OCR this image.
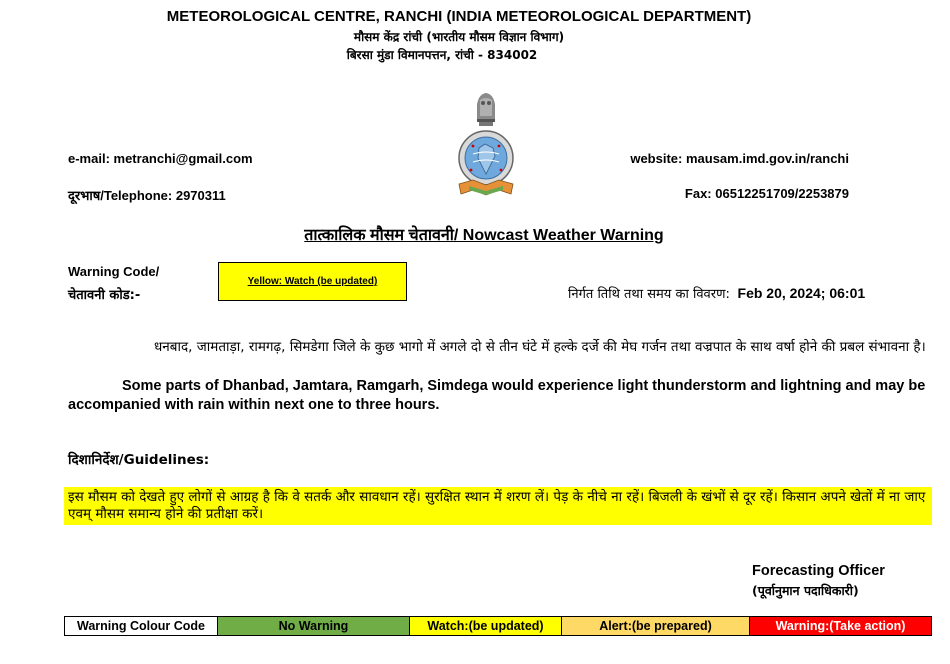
METEOROLOGICAL CENTRE, RANCHI (INDIA METEOROLOGICAL DEPARTMENT)
मौसम केंद्र रांची (भारतीय मौसम विज्ञान विभाग)
बिरसा मुंडा विमानपत्तन, रांची - 834002
e-mail: metranchi@gmail.com	website: mausam.imd.gov.in/ranchi
दूरभाष/Telephone: 2970311	Fax: 06512251709/2253879
तात्कालिक मौसम चेतावनी/ Nowcast Weather Warning
Warning Code/
चेतावनी कोड:-
Yellow: Watch (be updated)
निर्गत तिथि तथा समय का विवरण: Feb 20, 2024; 06:01
धनबाद, जामताड़ा, रामगढ़, सिमडेगा जिले के कुछ भागो में अगले दो से तीन घंटे में हल्के दर्जे की मेघ गर्जन तथा वज्रपात के साथ वर्षा होने की प्रबल संभावना है।
Some parts of Dhanbad, Jamtara, Ramgarh, Simdega would experience light thunderstorm and lightning and may be accompanied with rain within next one to three hours.
दिशानिर्देश/Guidelines:

इस मौसम को देखते हुए लोगों से आग्रह है कि वे सतर्क और सावधान रहें। सुरक्षित स्थान में शरण लें। पेड़ के नीचे ना रहें। बिजली के खंभों से दूर रहें। किसान अपने खेतों में ना जाए एवम् मौसम समान्य होने की प्रतीक्षा करें।

Forecasting Officer
(पूर्वानुमान पदाधिकारी)
Warning Colour Code	No Warning	Watch:(be updated)	Alert:(be prepared)	Warning:(Take action)
